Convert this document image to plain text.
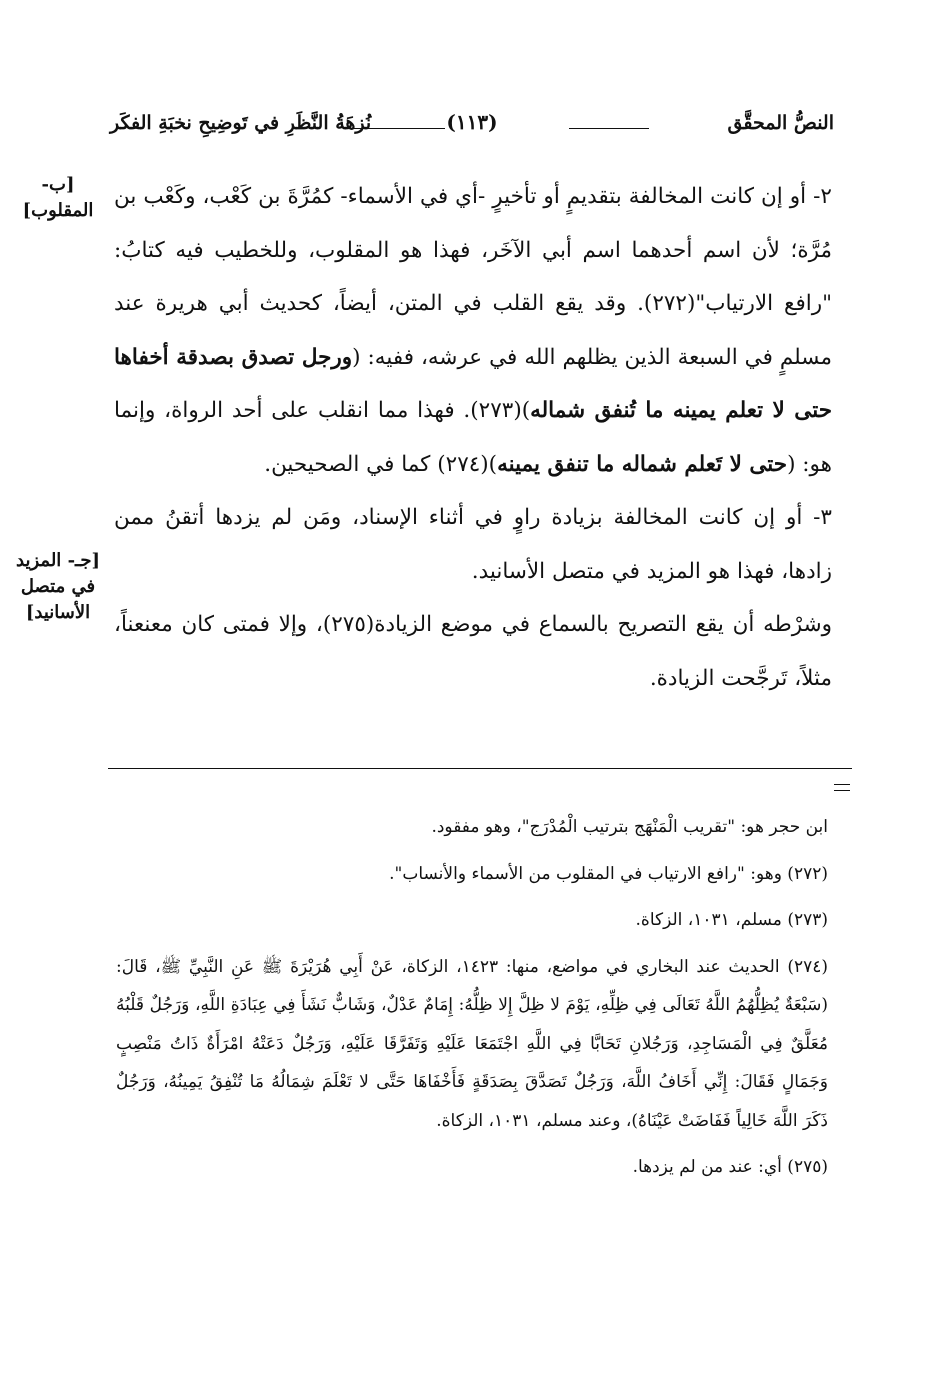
النصُّ المحقَّق
(١١٣)
نُزهَةُ النَّظَرِ في تَوضِيحِ نخبَةِ الفكَر
[ب- المقلوب]
[جـ- المزيد في متصل الأسانيد]

٢- أو إن كانت المخالفة بتقديمٍ أو تأخيرٍ -أي في الأسماء- كمُرَّةَ بن كَعْب، وكَعْب بن مُرَّة؛ لأن اسم أحدهما اسم أبي الآخَر، فهذا هو المقلوب، وللخطيب فيه كتابُ: "رافع الارتياب"(٢٧٢). وقد يقع القلب في المتن، أيضاً، كحديث أبي هريرة عند مسلمٍ في السبعة الذين يظلهم الله في عرشه، ففيه: (ورجل تصدق بصدقة أخفاها حتى لا تعلم يمينه ما تُنفق شماله)(٢٧٣). فهذا مما انقلب على أحد الرواة، وإنما هو: (حتى لا تَعلم شماله ما تنفق يمينه)(٢٧٤) كما في الصحيحين.

٣- أو إن كانت المخالفة بزيادة راوٍ في أثناء الإسناد، ومَن لم يزدها أتقنُ ممن زادها، فهذا هو المزيد في متصل الأسانيد.

وشرْطه أن يقع التصريح بالسماع في موضع الزيادة(٢٧٥)، وإلا فمتى كان معنعناً، مثلاً، تَرجَّحت الزيادة.

ابن حجر هو: "تقريب الْمَنْهَج بترتيب الْمُدْرَج"، وهو مفقود.

(٢٧٢) وهو: "رافع الارتياب في المقلوب من الأسماء والأنساب".

(٢٧٣) مسلم، ١٠٣١، الزكاة.

(٢٧٤) الحديث عند البخاري في مواضع، منها: ١٤٢٣، الزكاة، عَنْ أَبِي هُرَيْرَةَ ﷺ عَنِ النَّبِيِّ ﷺ، قَالَ: (سَبْعَةٌ يُظِلُّهُمُ اللَّهُ تَعَالَى فِي ظِلِّهِ، يَوْمَ لا ظِلَّ إِلا ظِلُّهُ: إِمَامٌ عَدْلٌ، وَشَابٌّ نَشَأَ فِي عِبَادَةِ اللَّهِ، وَرَجُلٌ قَلْبُهُ مُعَلَّقٌ فِي الْمَسَاجِدِ، وَرَجُلانِ تَحَابَّا فِي اللَّهِ اجْتَمَعَا عَلَيْهِ وَتَفَرَّقَا عَلَيْهِ، وَرَجُلٌ دَعَتْهُ امْرَأَةٌ ذَاتُ مَنْصِبٍ وَجَمَالٍ فَقَالَ: إِنِّي أَخَافُ اللَّهَ، وَرَجُلٌ تَصَدَّقَ بِصَدَقَةٍ فَأَخْفَاهَا حَتَّى لا تَعْلَمَ شِمَالُهُ مَا تُنْفِقُ يَمِينُهُ، وَرَجُلٌ ذَكَرَ اللَّهَ خَالِياً فَفَاضَتْ عَيْنَاهُ)، وعند مسلم، ١٠٣١، الزكاة.

(٢٧٥) أي: عند من لم يزدها.
